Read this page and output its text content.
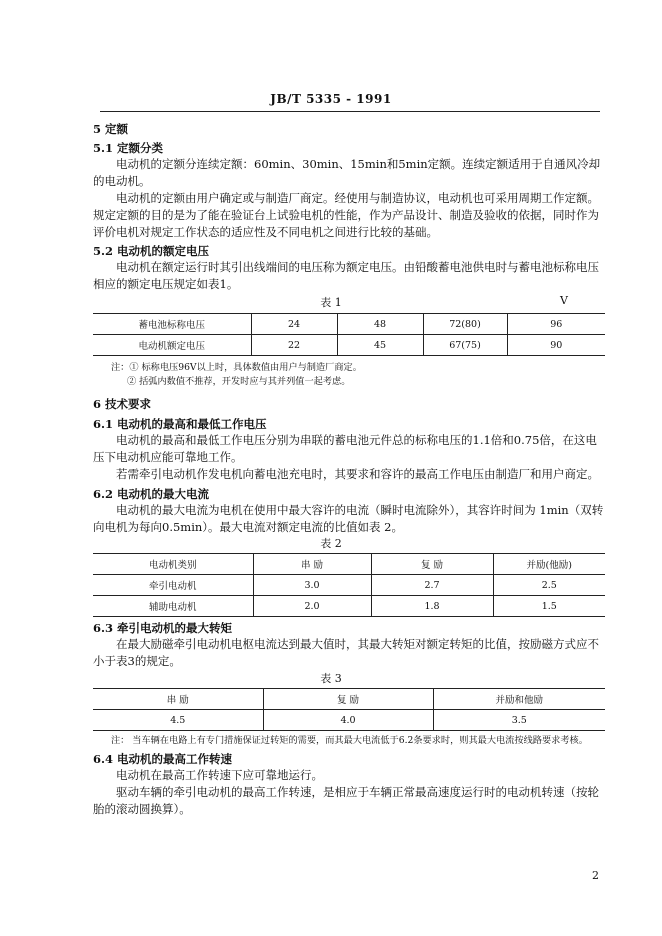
JB/T 5335 - 1991
5 定额
5.1 定额分类
电动机的定额分连续定额：60min、30min、15min和5min定额。连续定额适用于自通风冷却的电动机。
电动机的定额由用户确定或与制造厂商定。经使用与制造协议，电动机也可采用周期工作定额。规定定额的目的是为了能在验证台上试验电机的性能，作为产品设计、制造及验收的依据，同时作为评价电机对规定工作状态的适应性及不同电机之间进行比较的基础。
5.2 电动机的额定电压
电动机在额定运行时其引出线端间的电压称为额定电压。由铅酸蓄电池供电时与蓄电池标称电压相应的额定电压规定如表1。
表 1	V
蓄电池标称电压	24	48	72(80)	96
电动机额定电压	22	45	67(75)	90
注：① 标称电压96V以上时，具体数值由用户与制造厂商定。
② 括弧内数值不推荐，开发时应与其并列值一起考虑。
6 技术要求
6.1 电动机的最高和最低工作电压
电动机的最高和最低工作电压分别为串联的蓄电池元件总的标称电压的1.1倍和0.75倍，在这电压下电动机应能可靠地工作。
若需牵引电动机作发电机向蓄电池充电时，其要求和容许的最高工作电压由制造厂和用户商定。
6.2 电动机的最大电流
电动机的最大电流为电机在使用中最大容许的电流（瞬时电流除外），其容许时间为 1min（双转向电机为每向0.5min）。最大电流对额定电流的比值如表 2。
表 2
电动机类别	串 励	复 励	并励(他励)
牵引电动机	3.0	2.7	2.5
辅助电动机	2.0	1.8	1.5
6.3 牵引电动机的最大转矩
在最大励磁牵引电动机电枢电流达到最大值时，其最大转矩对额定转矩的比值，按励磁方式应不小于表3的规定。
表 3
串 励	复 励	并励和他励
4.5	4.0	3.5
注： 当车辆在电路上有专门措施保证过转矩的需要，而其最大电流低于6.2条要求时，则其最大电流按线路要求考核。
6.4 电动机的最高工作转速
电动机在最高工作转速下应可靠地运行。
驱动车辆的牵引电动机的最高工作转速，是相应于车辆正常最高速度运行时的电动机转速（按轮胎的滚动圆换算）。
2
